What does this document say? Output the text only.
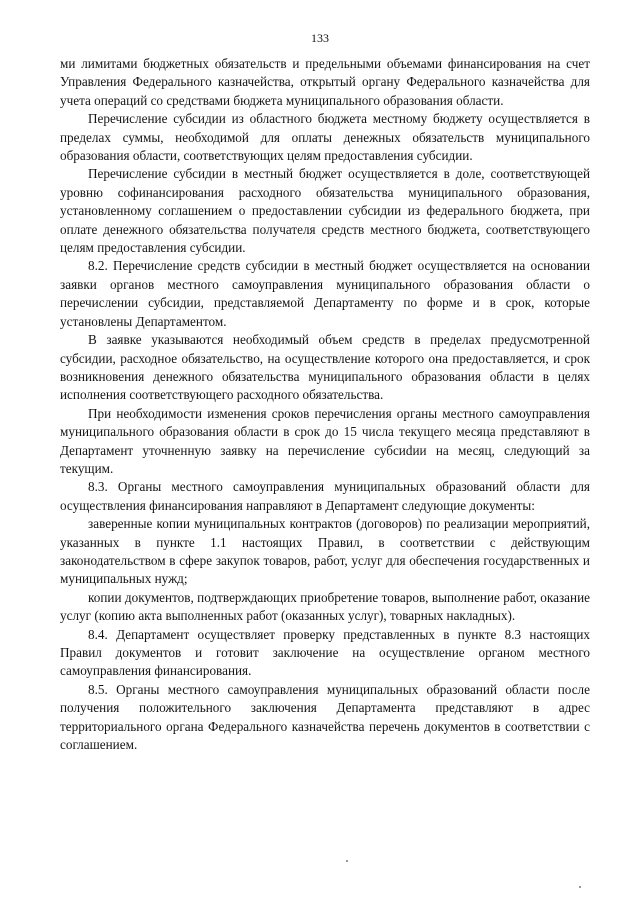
133

ми лимитами бюджетных обязательств и предельными объемами финансирования на счет Управления Федерального казначейства, открытый органу Федерального казначейства для учета операций со средствами бюджета муниципального образования области.

Перечисление субсидии из областного бюджета местному бюджету осуществляется в пределах суммы, необходимой для оплаты денежных обязательств муниципального образования области, соответствующих целям предоставления субсидии.

Перечисление субсидии в местный бюджет осуществляется в доле, соответствующей уровню софинансирования расходного обязательства муниципального образования, установленному соглашением о предоставлении субсидии из федерального бюджета, при оплате денежного обязательства получателя средств местного бюджета, соответствующего целям предоставления субсидии.

8.2. Перечисление средств субсидии в местный бюджет осуществляется на основании заявки органов местного самоуправления муниципального образования области о перечислении субсидии, представляемой Департаменту по форме и в срок, которые установлены Департаментом.

В заявке указываются необходимый объем средств в пределах предусмотренной субсидии, расходное обязательство, на осуществление которого она предоставляется, и срок возникновения денежного обязательства муниципального образования области в целях исполнения соответствующего расходного обязательства.

При необходимости изменения сроков перечисления органы местного самоуправления муниципального образования области в срок до 15 числа текущего месяца представляют в Департамент уточненную заявку на перечисление субсиdии на месяц, следующий за текущим.

8.3. Органы местного самоуправления муниципальных образований области для осуществления финансирования направляют в Департамент следующие документы:

заверенные копии муниципальных контрактов (договоров) по реализации мероприятий, указанных в пункте 1.1 настоящих Правил, в соответствии с действующим законодательством в сфере закупок товаров, работ, услуг для обеспечения государственных и муниципальных нужд;

копии документов, подтверждающих приобретение товаров, выполнение работ, оказание услуг (копию акта выполненных работ (оказанных услуг), товарных накладных).

8.4. Департамент осуществляет проверку представленных в пункте 8.3 настоящих Правил документов и готовит заключение на осуществление органом местного самоуправления финансирования.

8.5. Органы местного самоуправления муниципальных образований области после получения положительного заключения Департамента представляют в адрес территориального органа Федерального казначейства перечень документов в соответствии с соглашением.
